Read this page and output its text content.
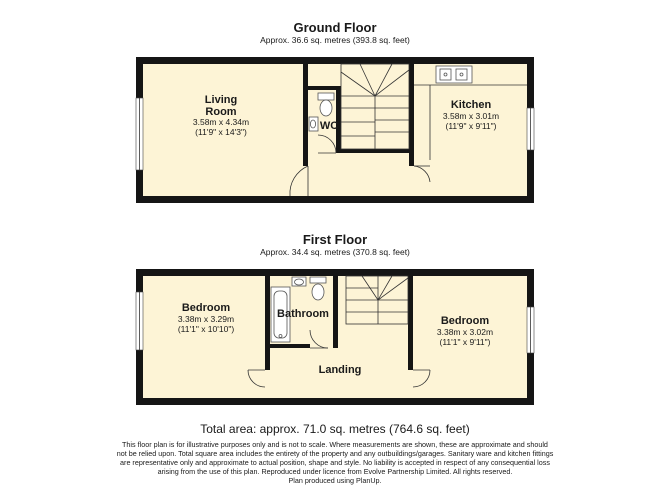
Ground Floor
Approx. 36.6 sq. metres (393.8 sq. feet)
Living
Room
3.58m x 4.34m
(11'9" x 14'3")	WC
Kitchen
3.58m x 3.01m
(11'9" x 9'11")
First Floor
Approx. 34.4 sq. metres (370.8 sq. feet)
Bedroom
3.38m x 3.29m
(11'1" x 10'10")
Bathroom
Landing
Bedroom
3.38m x 3.02m
(11'1" x 9'11")
Total area: approx. 71.0 sq. metres (764.6 sq. feet)
This floor plan is for illustrative purposes only and is not to scale. Where measurements are shown, these are approximate and should
not be relied upon. Total square area includes the entirety of the property and any outbuildings/garages. Sanitary ware and kitchen fittings
are representative only and approximate to actual position, shape and style. No liability is accepted in respect of any consequential loss
arising from the use of this plan. Reproduced under licence from Evolve Partnership Limited. All rights reserved.
Plan produced using PlanUp.
